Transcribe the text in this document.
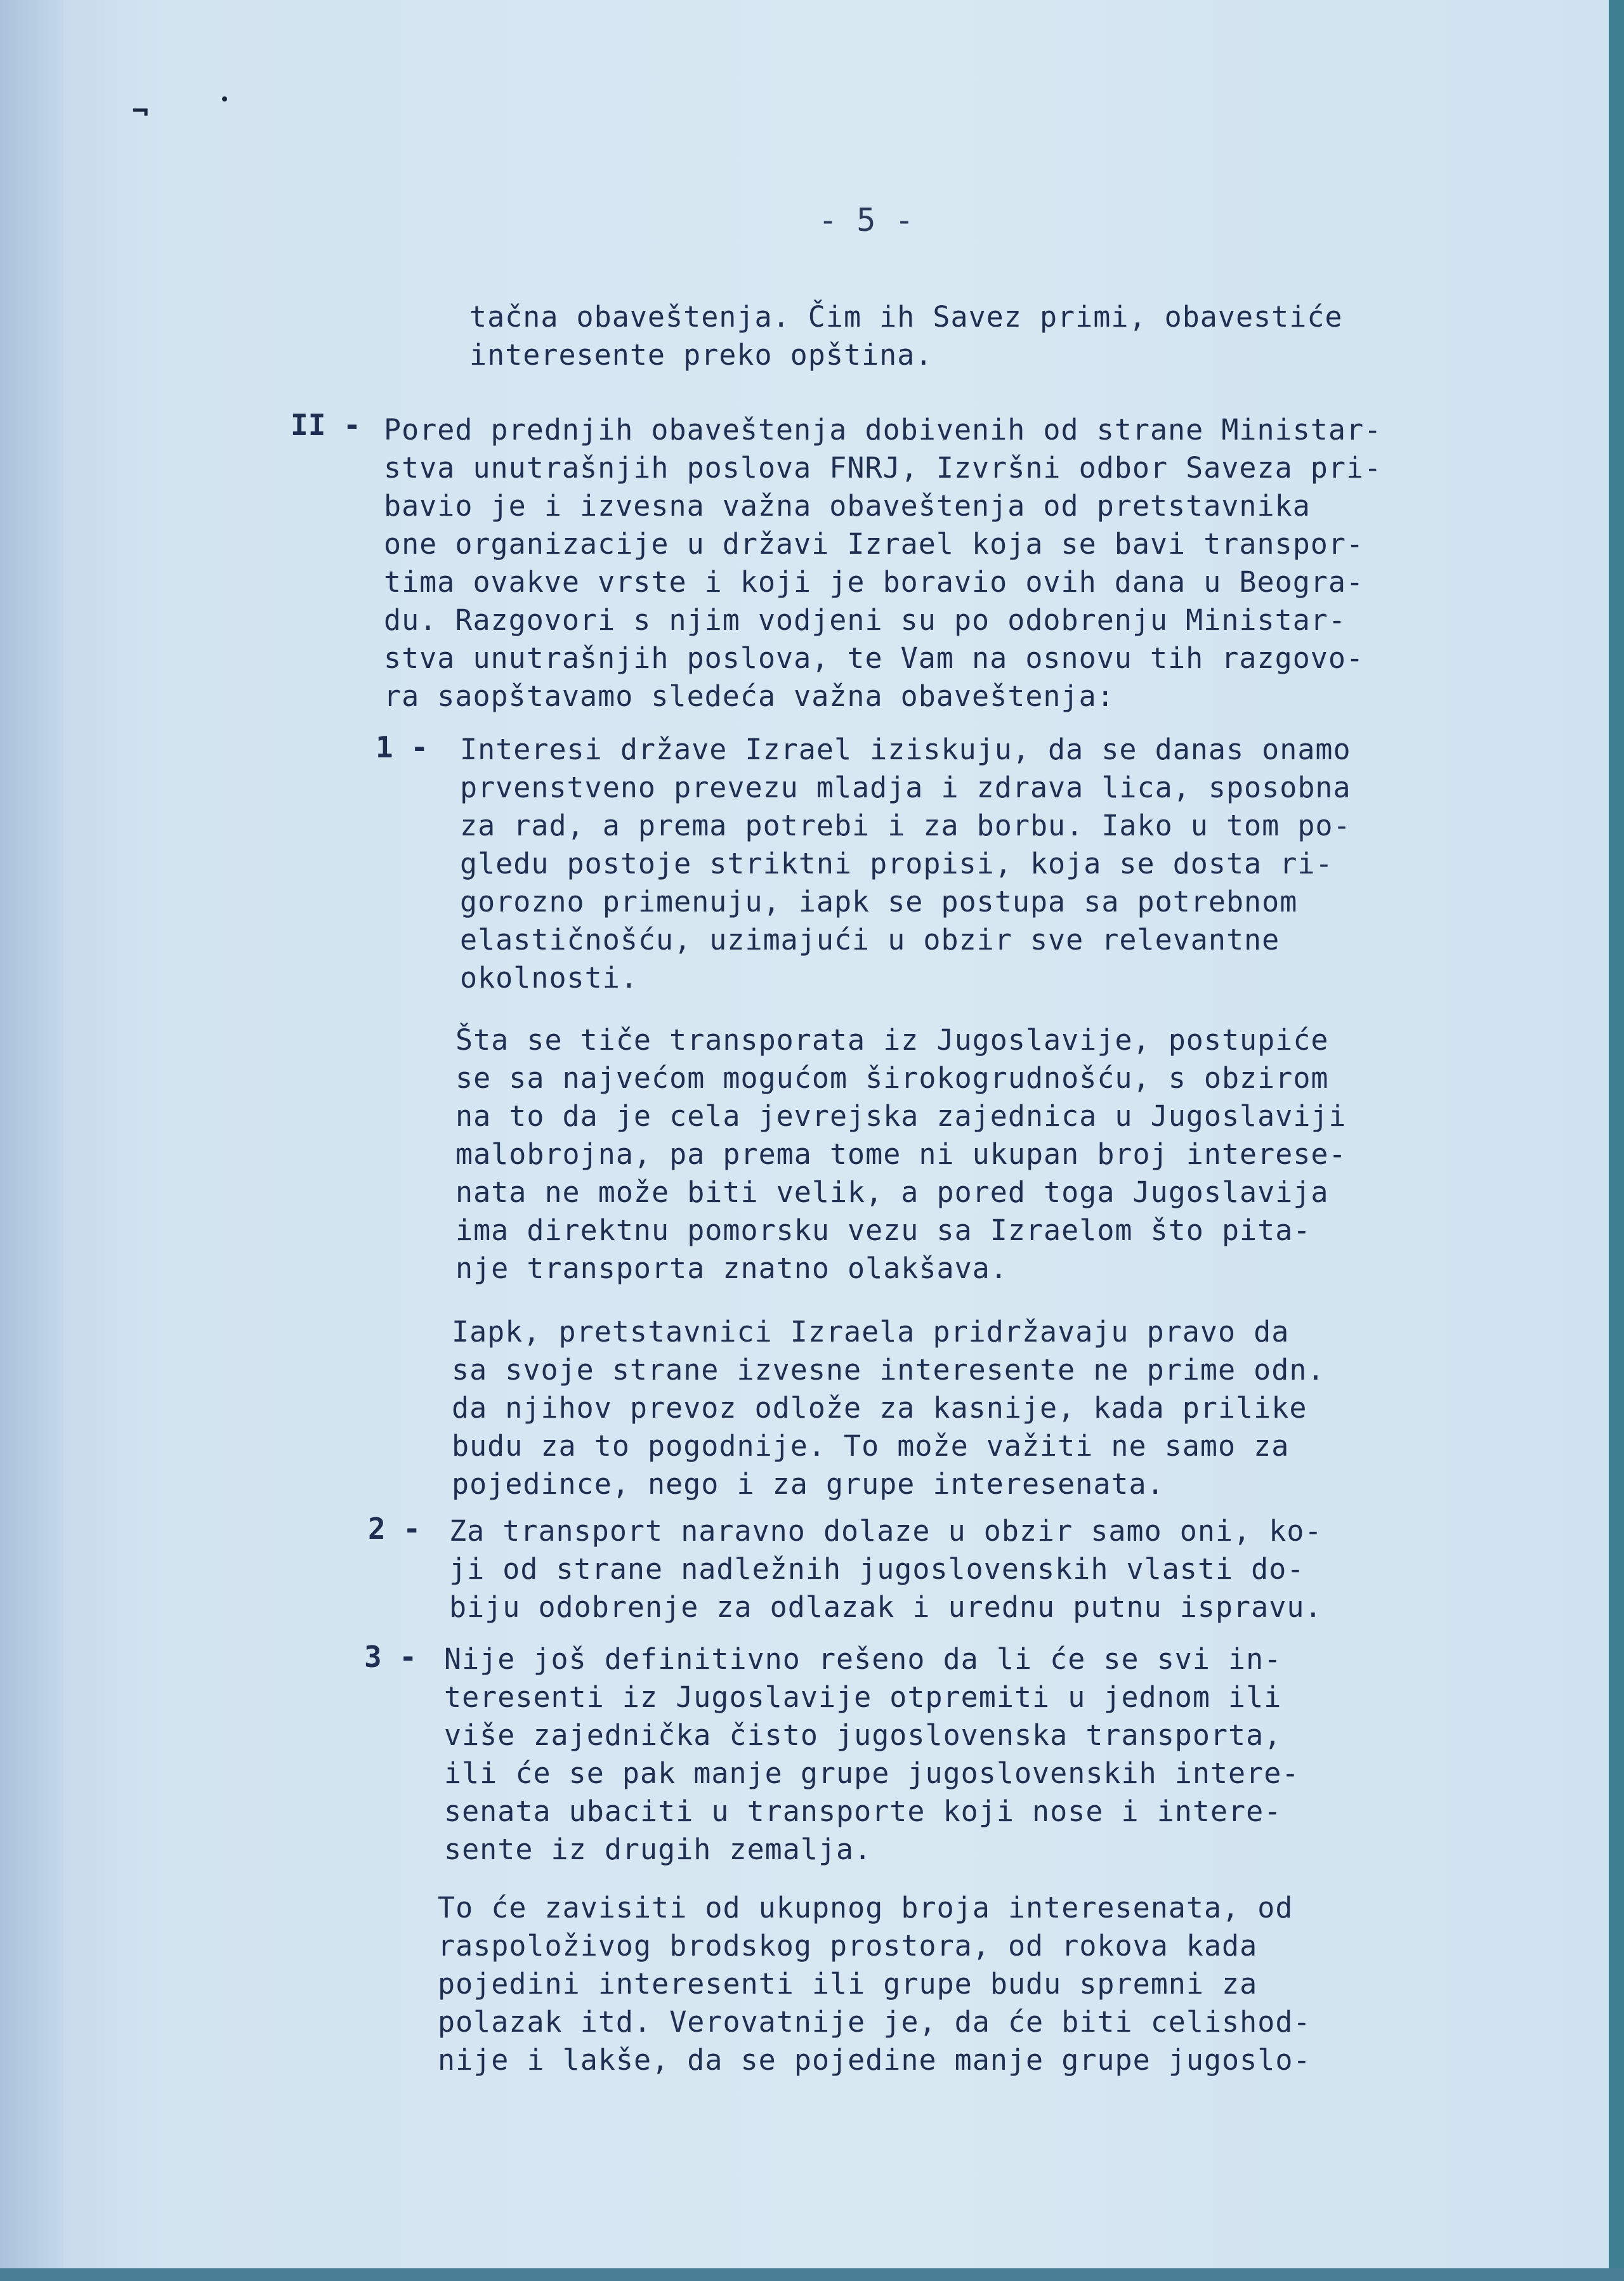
¬
- 5 -
tačna obaveštenja. Čim ih Savez primi, obavestiće
interesente preko opština.
II - Pored prednjih obaveštenja dobivenih od strane Ministar-
stva unutrašnjih poslova FNRJ, Izvršni odbor Saveza pri-
bavio je i izvesna važna obaveštenja od pretstavnika
one organizacije u državi Izrael koja se bavi transpor-
tima ovakve vrste i koji je boravio ovih dana u Beogra-
du. Razgovori s njim vodjeni su po odobrenju Ministar-
stva unutrašnjih poslova, te Vam na osnovu tih razgovo-
ra saopštavamo sledeća važna obaveštenja:
1 - Interesi države Izrael iziskuju, da se danas onamo
prvenstveno prevezu mladja i zdrava lica, sposobna
za rad, a prema potrebi i za borbu. Iako u tom po-
gledu postoje striktni propisi, koja se dosta ri-
gorozno primenuju, iapk se postupa sa potrebnom
elastičnošću, uzimajući u obzir sve relevantne
okolnosti.
Šta se tiče transporata iz Jugoslavije, postupiće
se sa najvećom mogućom širokogrudnošću, s obzirom
na to da je cela jevrejska zajednica u Jugoslaviji
malobrojna, pa prema tome ni ukupan broj interese-
nata ne može biti velik, a pored toga Jugoslavija
ima direktnu pomorsku vezu sa Izraelom što pita-
nje transporta znatno olakšava.
Iapk, pretstavnici Izraela pridržavaju pravo da
sa svoje strane izvesne interesente ne prime odn.
da njihov prevoz odlože za kasnije, kada prilike
budu za to pogodnije. To može važiti ne samo za
pojedince, nego i za grupe interesenata.
2 - Za transport naravno dolaze u obzir samo oni, ko-
ji od strane nadležnih jugoslovenskih vlasti do-
biju odobrenje za odlazak i urednu putnu ispravu.
3 - Nije još definitivno rešeno da li će se svi in-
teresenti iz Jugoslavije otpremiti u jednom ili
više zajednička čisto jugoslovenska transporta,
ili će se pak manje grupe jugoslovenskih intere-
senata ubaciti u transporte koji nose i intere-
sente iz drugih zemalja.
To će zavisiti od ukupnog broja interesenata, od
raspoloživog brodskog prostora, od rokova kada
pojedini interesenti ili grupe budu spremni za
polazak itd. Verovatnije je, da će biti celishod-
nije i lakše, da se pojedine manje grupe jugoslo-
